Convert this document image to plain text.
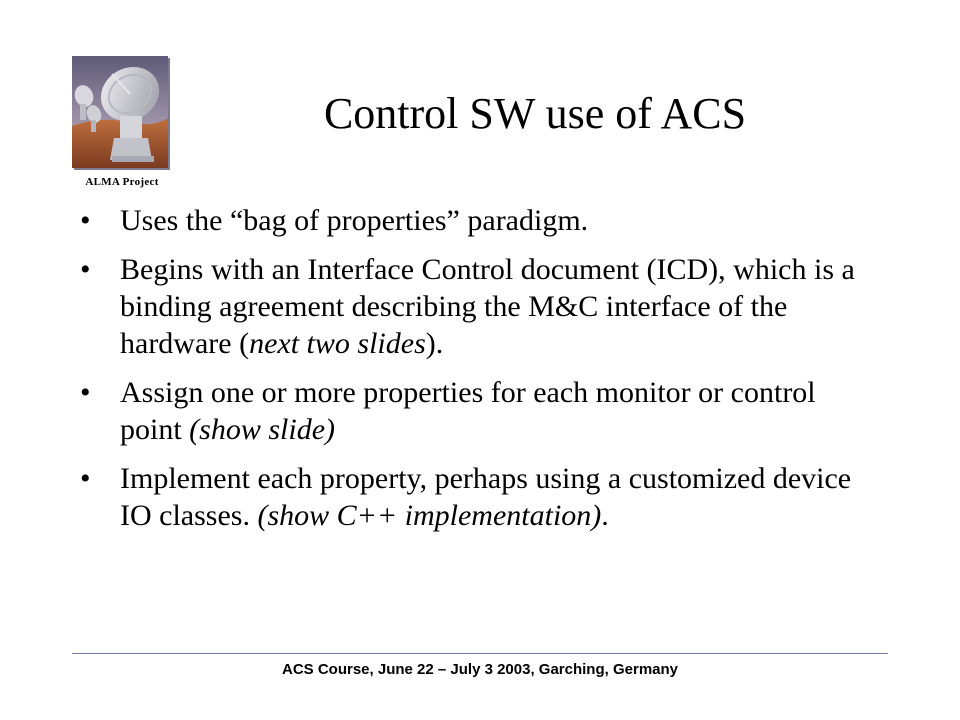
ALMA Project
Control SW use of ACS
• Uses the “bag of properties” paradigm.
• Begins with an Interface Control document (ICD), which is a binding agreement describing the M&C interface of the hardware (next two slides).
• Assign one or more properties for each monitor or control point (show slide)
• Implement each property, perhaps using a customized device IO classes. (show C++ implementation).
ACS Course, June 22 – July 3 2003, Garching, Germany
